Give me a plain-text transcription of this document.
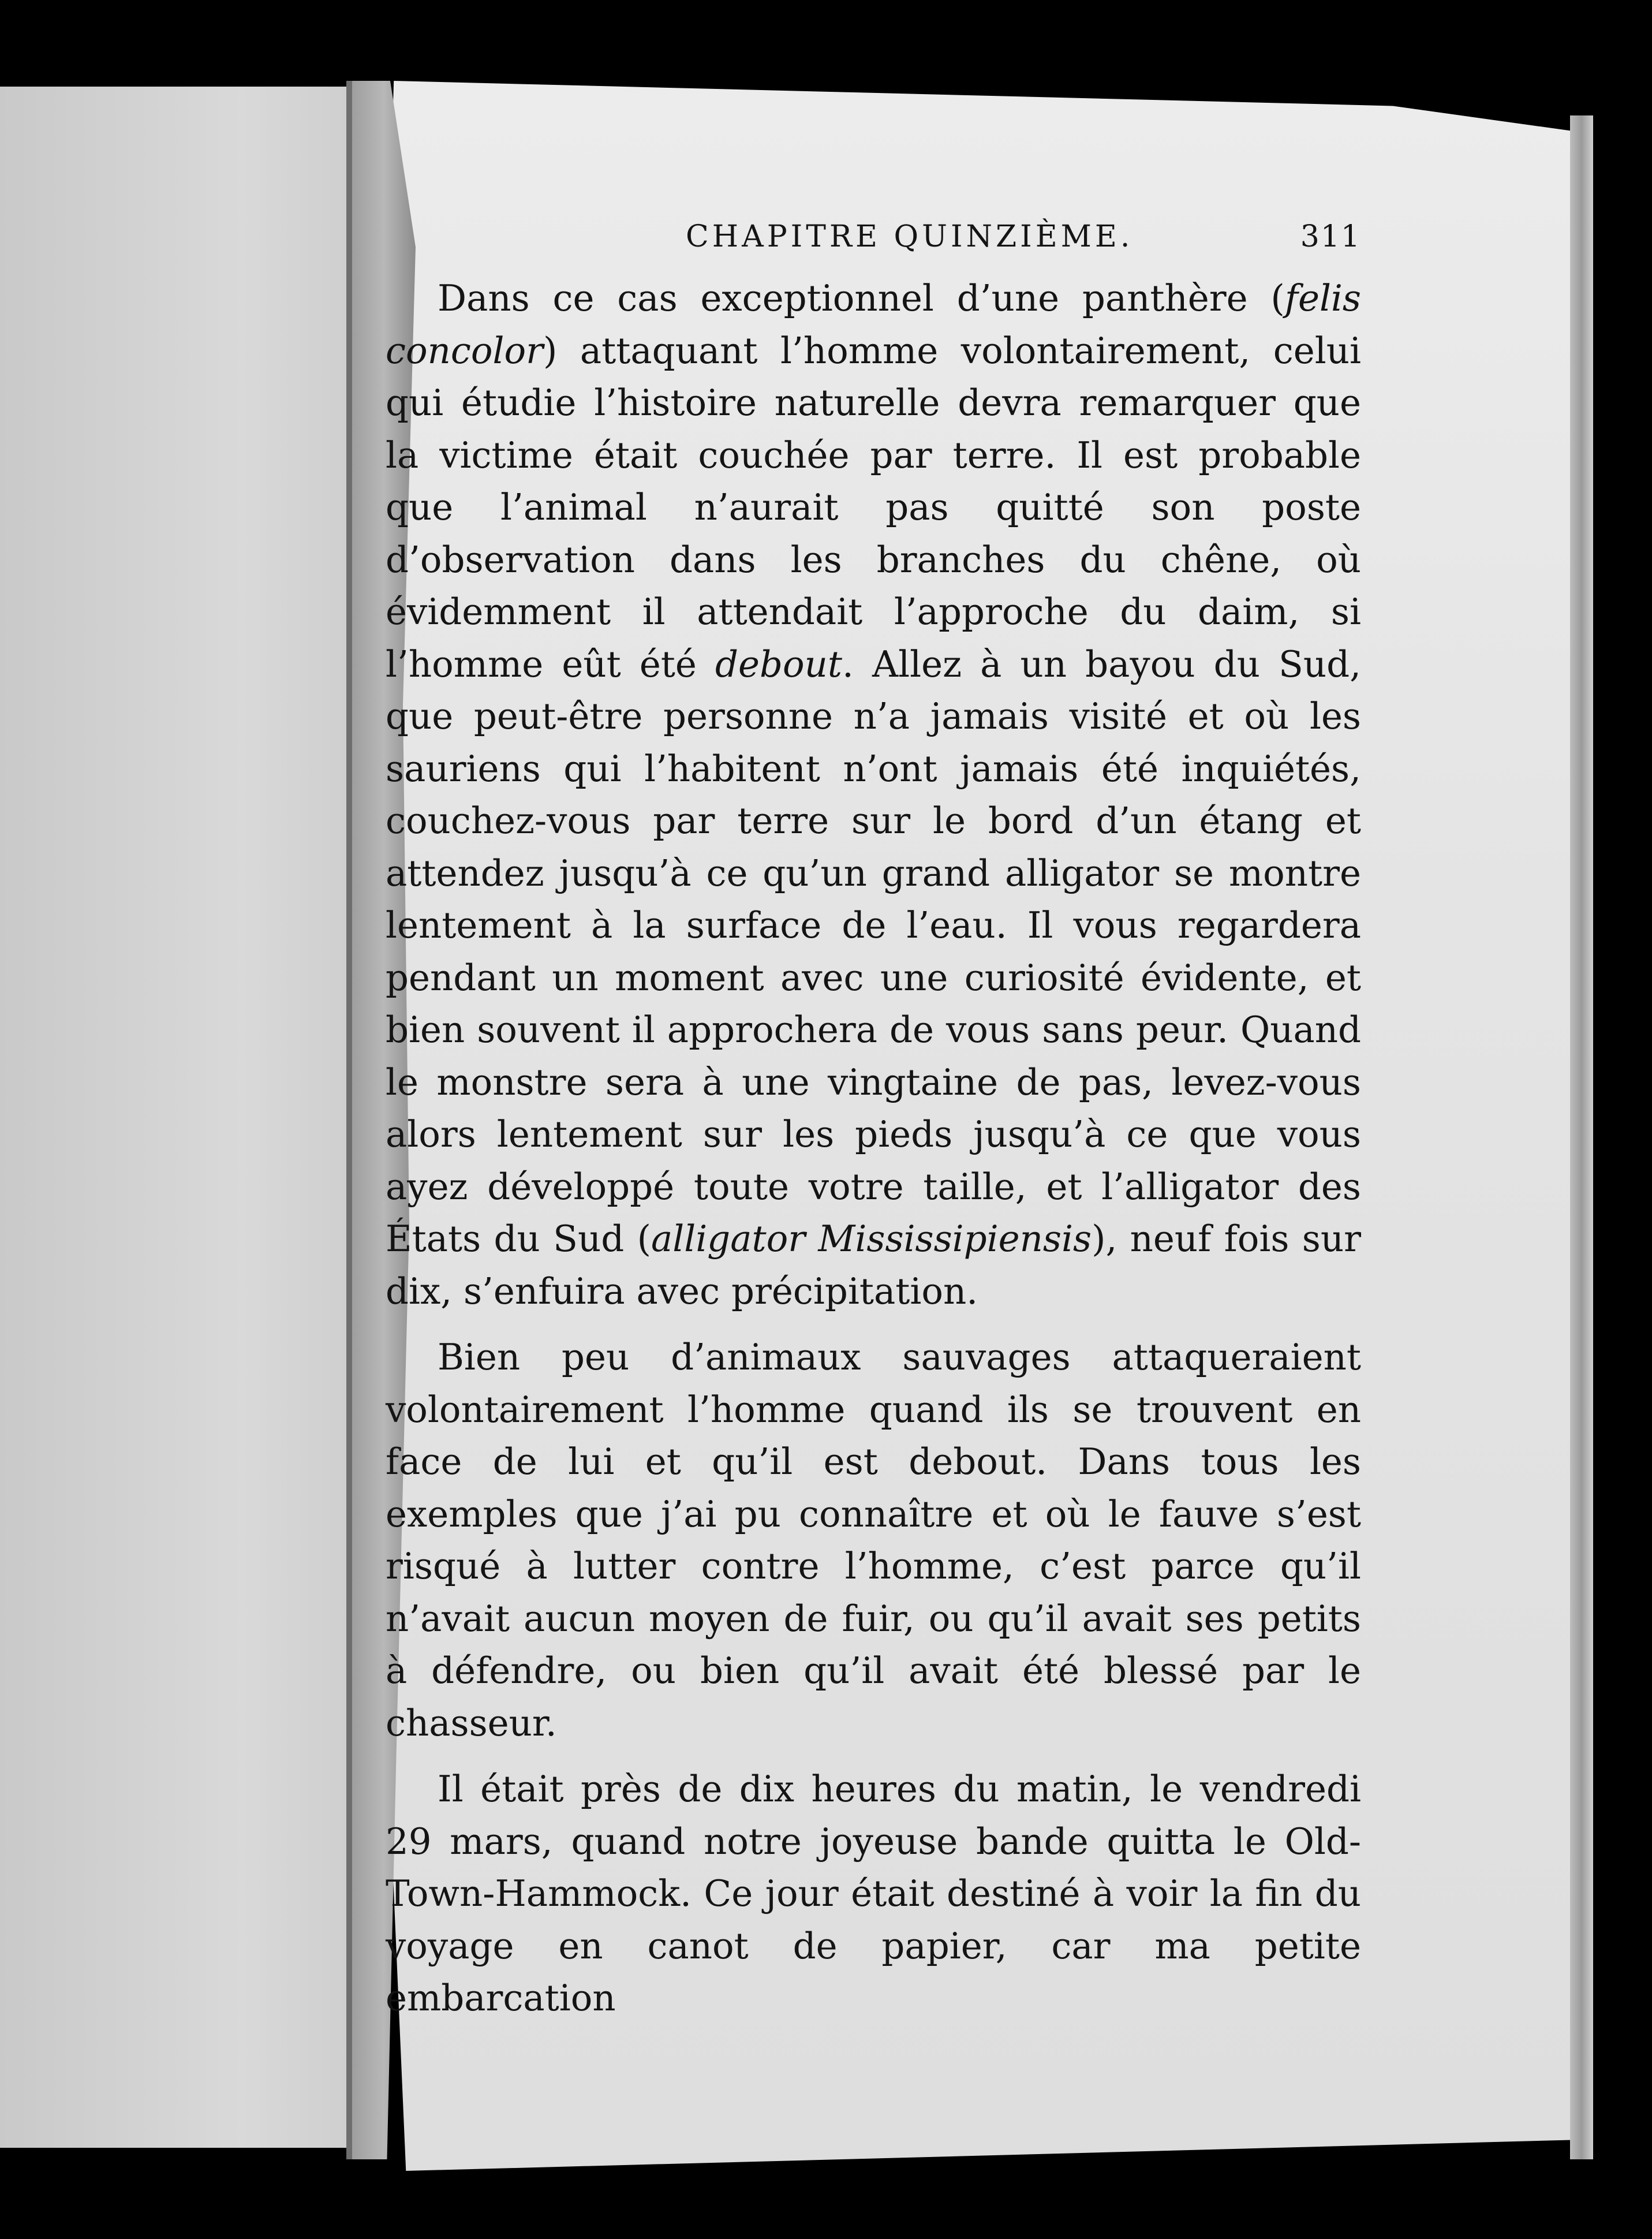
CHAPITRE QUINZIÈME.	311

Dans ce cas exceptionnel d’une panthère (felis concolor) attaquant l’homme volontairement, celui qui étudie l’histoire naturelle devra remarquer que la victime était couchée par terre. Il est probable que l’animal n’aurait pas quitté son poste d’observation dans les branches du chêne, où évidemment il attendait l’approche du daim, si l’homme eût été debout. Allez à un bayou du Sud, que peut-être personne n’a jamais visité et où les sauriens qui l’habitent n’ont jamais été inquiétés, couchez-vous par terre sur le bord d’un étang et attendez jusqu’à ce qu’un grand alligator se montre lentement à la surface de l’eau. Il vous regardera pendant un moment avec une curiosité évidente, et bien souvent il approchera de vous sans peur. Quand le monstre sera à une vingtaine de pas, levez-vous alors lentement sur les pieds jusqu’à ce que vous ayez développé toute votre taille, et l’alligator des États du Sud (alligator Mississipiensis), neuf fois sur dix, s’enfuira avec précipitation.

Bien peu d’animaux sauvages attaqueraient volontairement l’homme quand ils se trouvent en face de lui et qu’il est debout. Dans tous les exemples que j’ai pu connaître et où le fauve s’est risqué à lutter contre l’homme, c’est parce qu’il n’avait aucun moyen de fuir, ou qu’il avait ses petits à défendre, ou bien qu’il avait été blessé par le chasseur.

Il était près de dix heures du matin, le vendredi 29 mars, quand notre joyeuse bande quitta le Old-Town-Hammock. Ce jour était destiné à voir la fin du voyage en canot de papier, car ma petite embarcation
